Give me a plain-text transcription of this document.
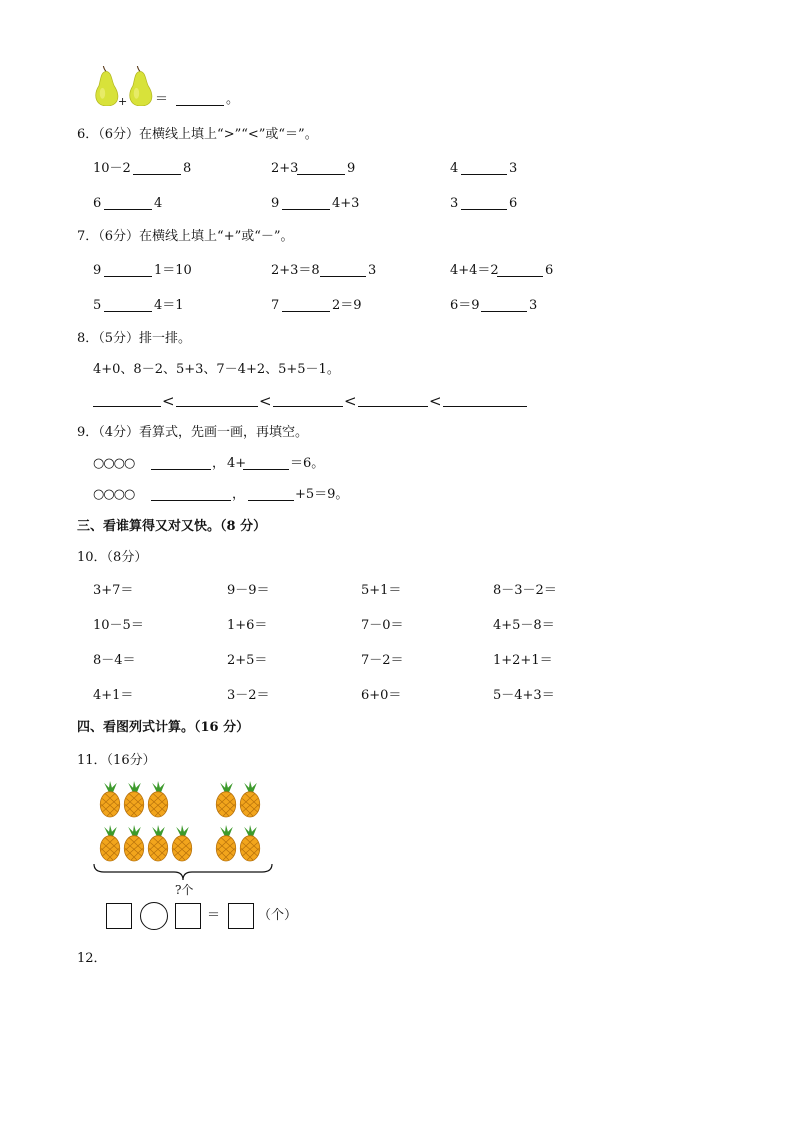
+ ＝	。
6．（6分）在横线上填上“>”“<”或“＝”。
10－2	8	2+3	9	4	3
6	4	9	4+3	3	6
7．（6分）在横线上填上“+”或“－”。
9	1＝10	2+3＝8	3	4+4＝2	6
5	4＝1	7	2＝9	6＝9	3
8．（5分）排一排。
4+0、8－2、5+3、7－4+2、5+5－1。
<	<	<	<
9．（4分）看算式，先画一画，再填空。
○○○○	， 4+	＝6。
○○○○	，	+5＝9。
三、看谁算得又对又快。（8 分）
10．（8分）
3+7＝	9－9＝	5+1＝	8－3－2＝
10－5＝	1+6＝	7－0＝	4+5－8＝
8－4＝	2+5＝	7－2＝	1+2+1＝
4+1＝	3－2＝	6+0＝	5－4+3＝
四、看图列式计算。（16 分）
11．（16分）
?个
＝	（个）
12．
